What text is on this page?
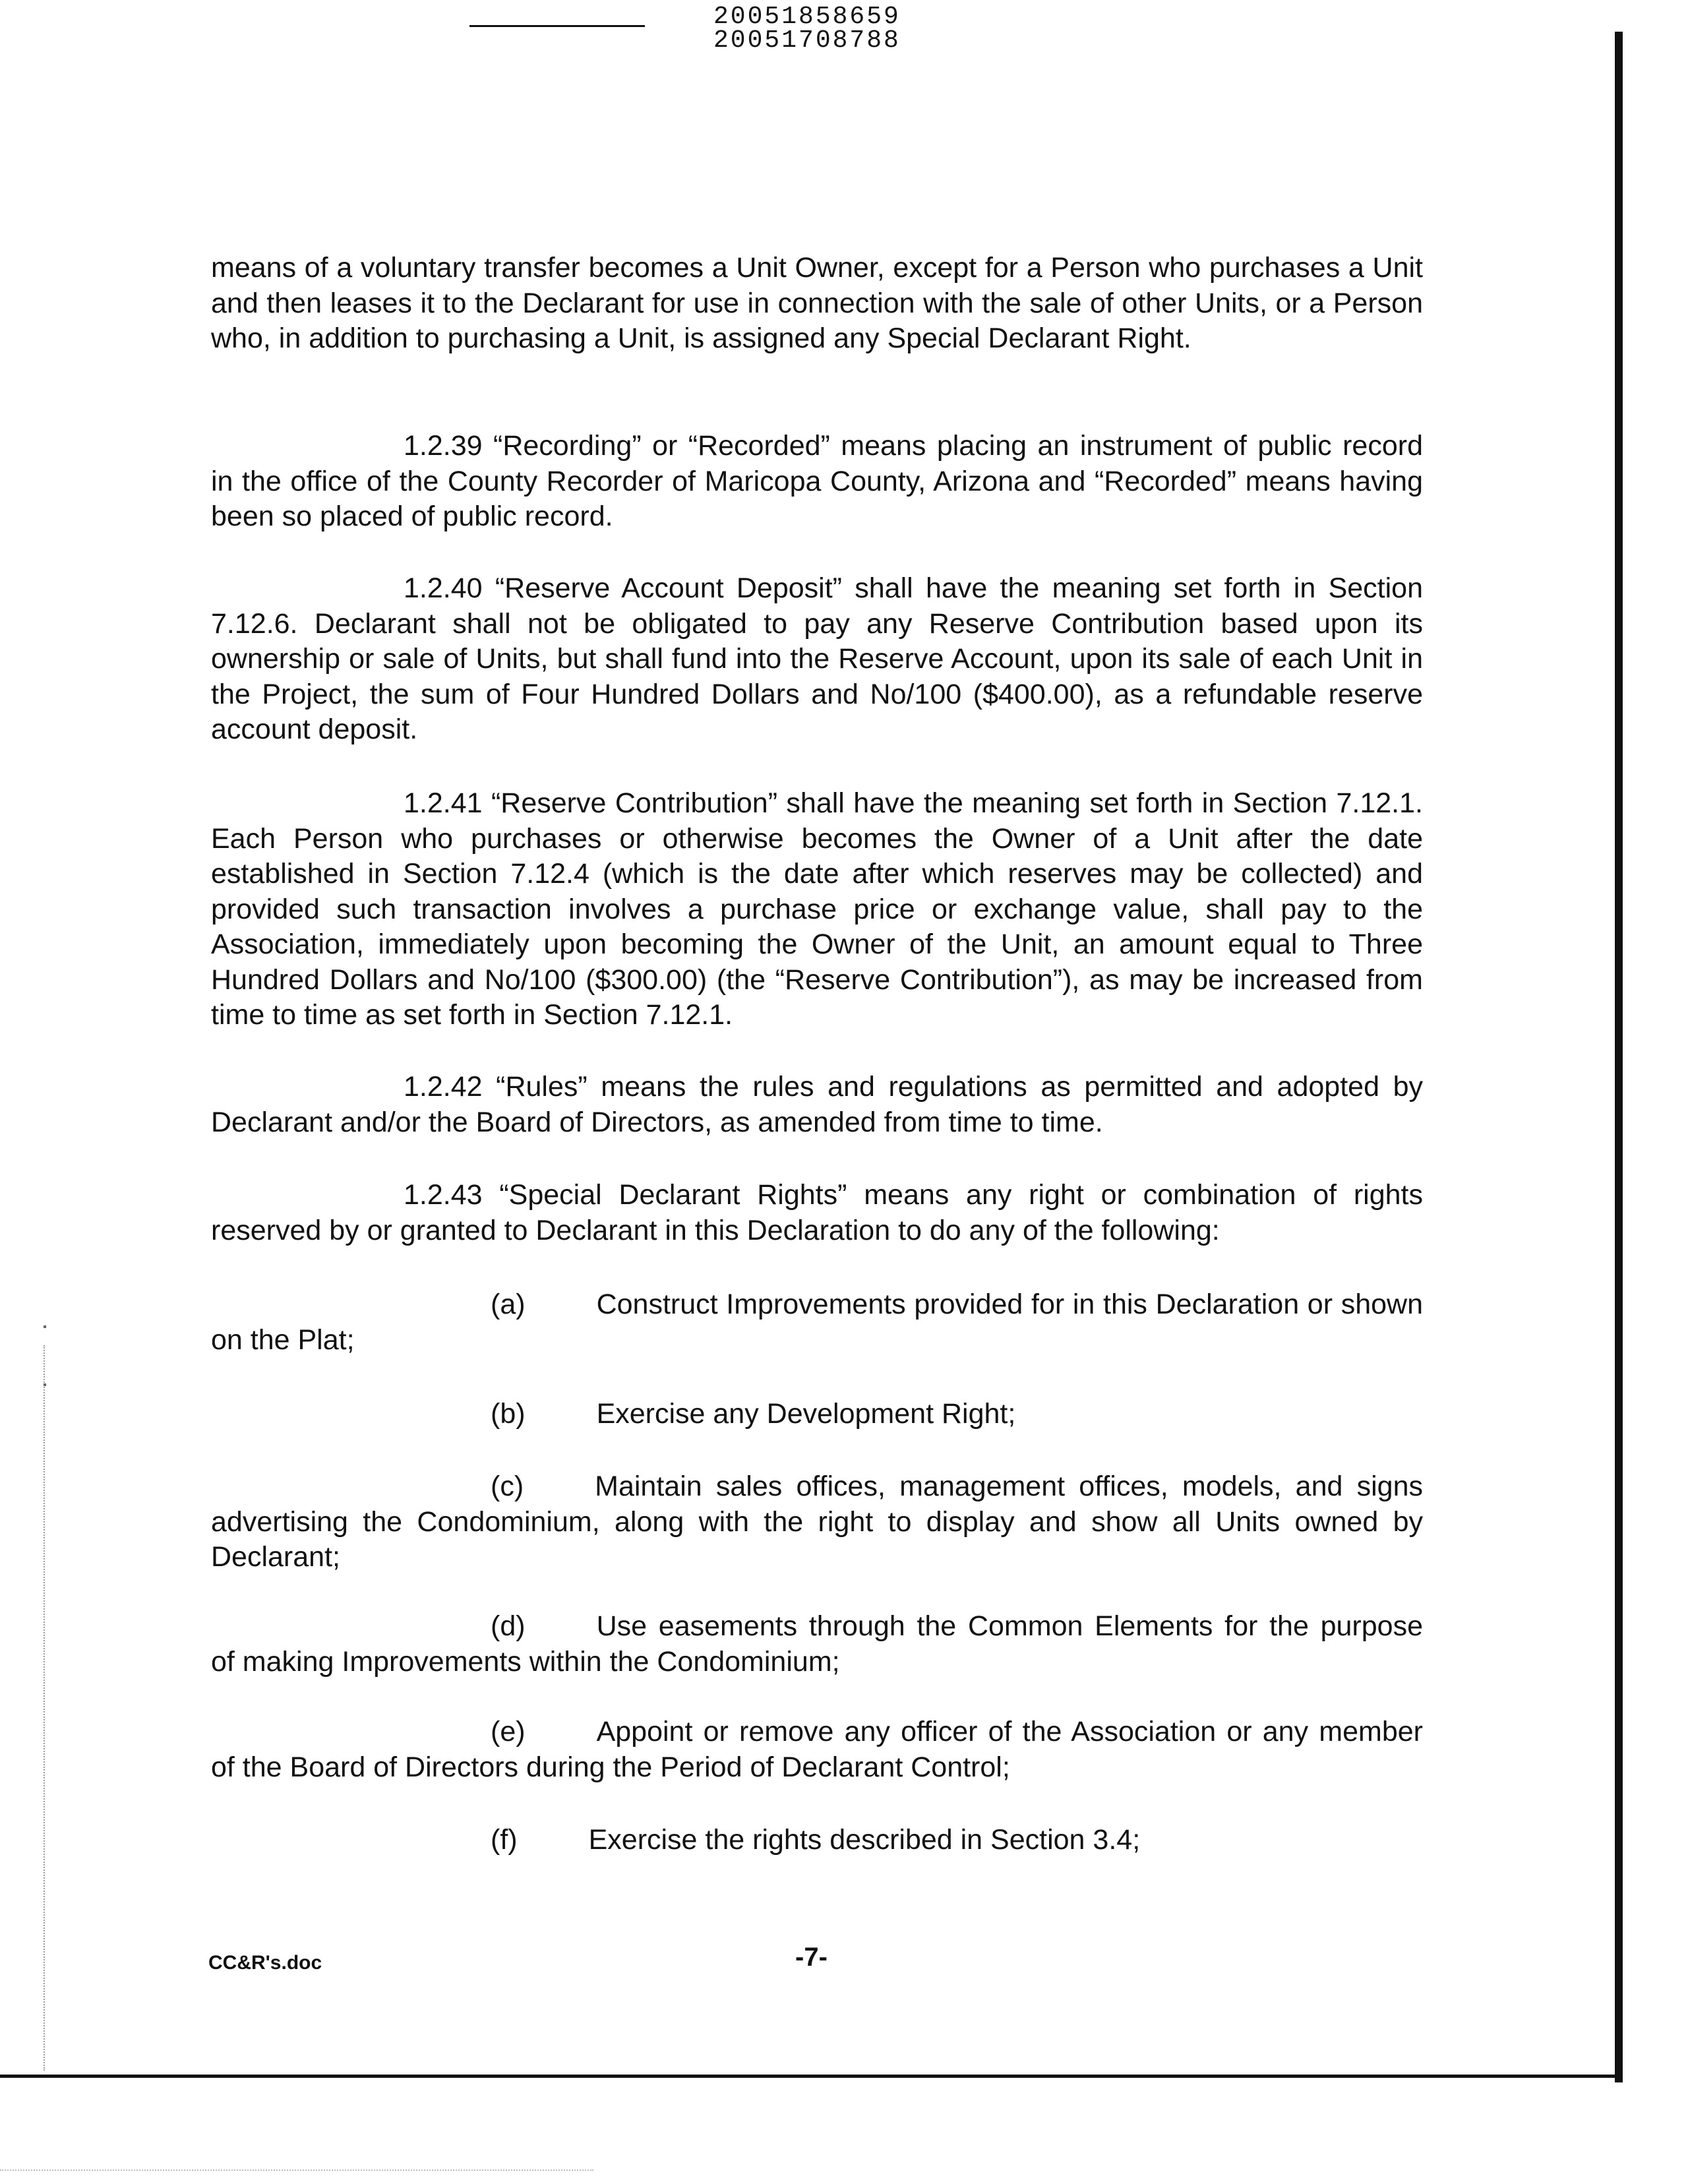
20051858659
20051708788
means of a voluntary transfer becomes a Unit Owner, except for a Person who purchases a Unit and then leases it to the Declarant for use in connection with the sale of other Units, or a Person who, in addition to purchasing a Unit, is assigned any Special Declarant Right.
1.2.39 “Recording” or “Recorded” means placing an instrument of public record in the office of the County Recorder of Maricopa County, Arizona and “Recorded” means having been so placed of public record.
1.2.40 “Reserve Account Deposit” shall have the meaning set forth in Section 7.12.6. Declarant shall not be obligated to pay any Reserve Contribution based upon its ownership or sale of Units, but shall fund into the Reserve Account, upon its sale of each Unit in the Project, the sum of Four Hundred Dollars and No/100 ($400.00), as a refundable reserve account deposit.
1.2.41 “Reserve Contribution” shall have the meaning set forth in Section 7.12.1. Each Person who purchases or otherwise becomes the Owner of a Unit after the date established in Section 7.12.4 (which is the date after which reserves may be collected) and provided such transaction involves a purchase price or exchange value, shall pay to the Association, immediately upon becoming the Owner of the Unit, an amount equal to Three Hundred Dollars and No/100 ($300.00) (the “Reserve Contribution”), as may be increased from time to time as set forth in Section 7.12.1.
1.2.42 “Rules” means the rules and regulations as permitted and adopted by Declarant and/or the Board of Directors, as amended from time to time.
1.2.43 “Special Declarant Rights” means any right or combination of rights reserved by or granted to Declarant in this Declaration to do any of the following:
(a)	Construct Improvements provided for in this Declaration or shown on the Plat;
(b)	Exercise any Development Right;
(c)	Maintain sales offices, management offices, models, and signs advertising the Condominium, along with the right to display and show all Units owned by Declarant;
(d)	Use easements through the Common Elements for the purpose of making Improvements within the Condominium;
(e)	Appoint or remove any officer of the Association or any member of the Board of Directors during the Period of Declarant Control;
(f)	Exercise the rights described in Section 3.4;
CC&R's.doc	-7-
